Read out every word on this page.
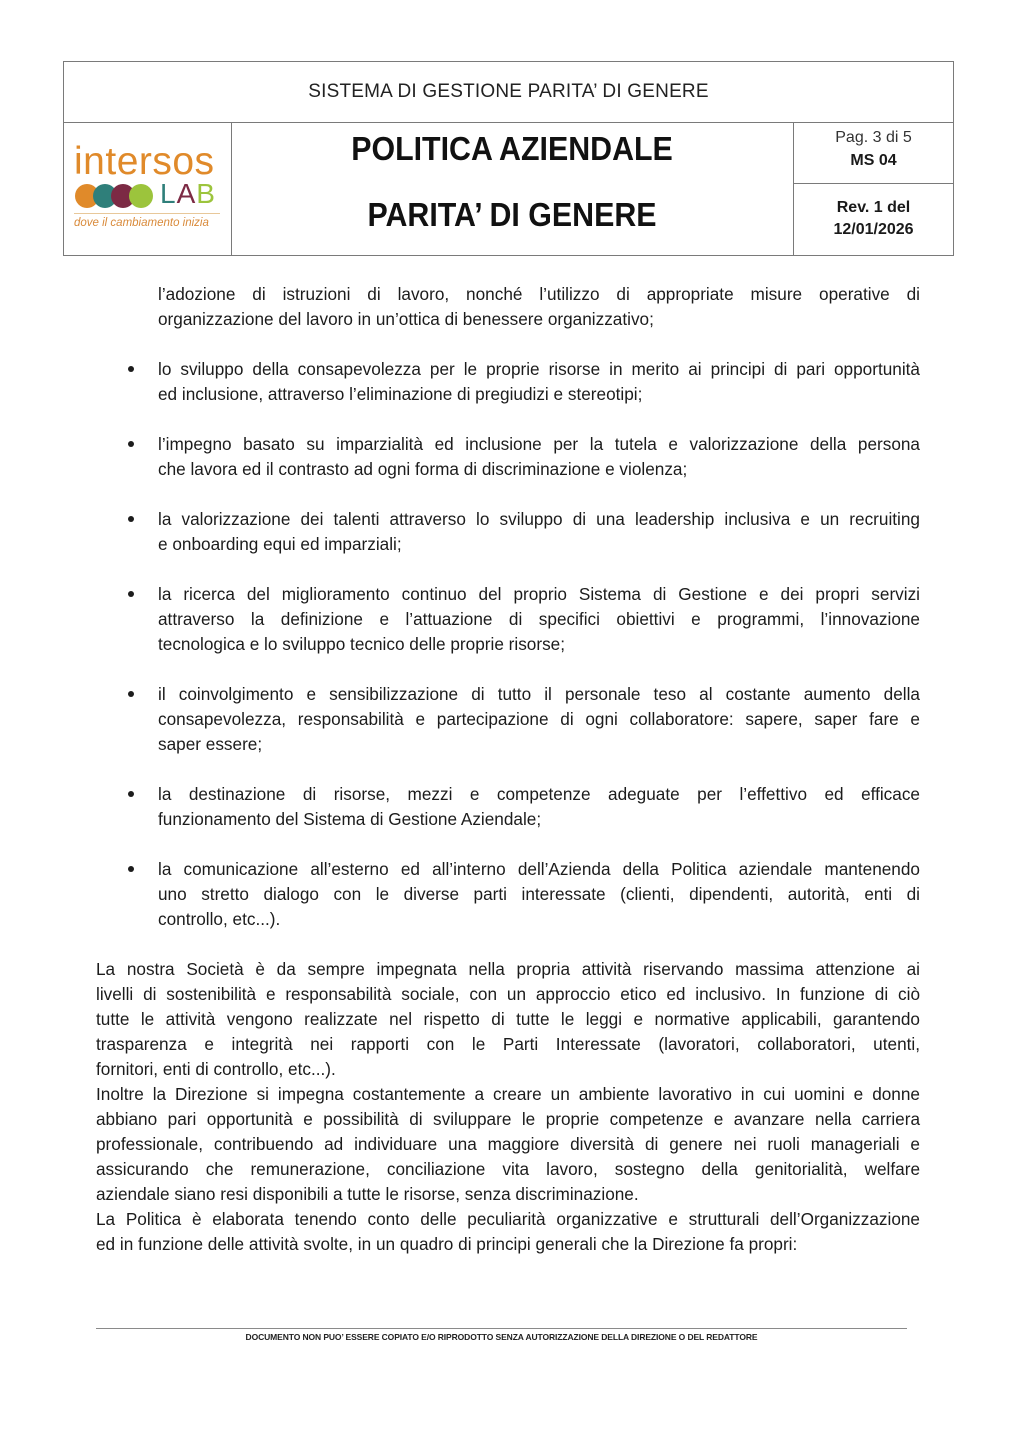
SISTEMA DI GESTIONE PARITA’ DI GENERE
intersos
LAB
dove il cambiamento inizia
POLITICA AZIENDALE
PARITA’ DI GENERE
Pag. 3 di 5
MS 04
Rev. 1 del
12/01/2026
l’adozione di istruzioni di lavoro, nonché l’utilizzo di appropriate misure operative di
organizzazione del lavoro in un’ottica di benessere organizzativo;
lo sviluppo della consapevolezza per le proprie risorse in merito ai principi di pari opportunità
ed inclusione, attraverso l’eliminazione di pregiudizi e stereotipi;
l’impegno basato su imparzialità ed inclusione per la tutela e valorizzazione della persona
che lavora ed il contrasto ad ogni forma di discriminazione e violenza;
la valorizzazione dei talenti attraverso lo sviluppo di una leadership inclusiva e un recruiting
e onboarding equi ed imparziali;
la ricerca del miglioramento continuo del proprio Sistema di Gestione e dei propri servizi
attraverso la definizione e l’attuazione di specifici obiettivi e programmi, l’innovazione
tecnologica e lo sviluppo tecnico delle proprie risorse;
il coinvolgimento e sensibilizzazione di tutto il personale teso al costante aumento della
consapevolezza, responsabilità e partecipazione di ogni collaboratore: sapere, saper fare e
saper essere;
la destinazione di risorse, mezzi e competenze adeguate per l’effettivo ed efficace
funzionamento del Sistema di Gestione Aziendale;
la comunicazione all’esterno ed all’interno dell’Azienda della Politica aziendale mantenendo
uno stretto dialogo con le diverse parti interessate (clienti, dipendenti, autorità, enti di
controllo, etc...).
La nostra Società è da sempre impegnata nella propria attività riservando massima attenzione ai
livelli di sostenibilità e responsabilità sociale, con un approccio etico ed inclusivo. In funzione di ciò
tutte le attività vengono realizzate nel rispetto di tutte le leggi e normative applicabili, garantendo
trasparenza e integrità nei rapporti con le Parti Interessate (lavoratori, collaboratori, utenti,
fornitori, enti di controllo, etc...).
Inoltre la Direzione si impegna costantemente a creare un ambiente lavorativo in cui uomini e donne
abbiano pari opportunità e possibilità di sviluppare le proprie competenze e avanzare nella carriera
professionale, contribuendo ad individuare una maggiore diversità di genere nei ruoli manageriali e
assicurando che remunerazione, conciliazione vita lavoro, sostegno della genitorialità, welfare
aziendale siano resi disponibili a tutte le risorse, senza discriminazione.
La Politica è elaborata tenendo conto delle peculiarità organizzative e strutturali dell’Organizzazione
ed in funzione delle attività svolte, in un quadro di principi generali che la Direzione fa propri:
DOCUMENTO NON PUO’ ESSERE COPIATO E/O RIPRODOTTO SENZA AUTORIZZAZIONE DELLA DIREZIONE O DEL REDATTORE
